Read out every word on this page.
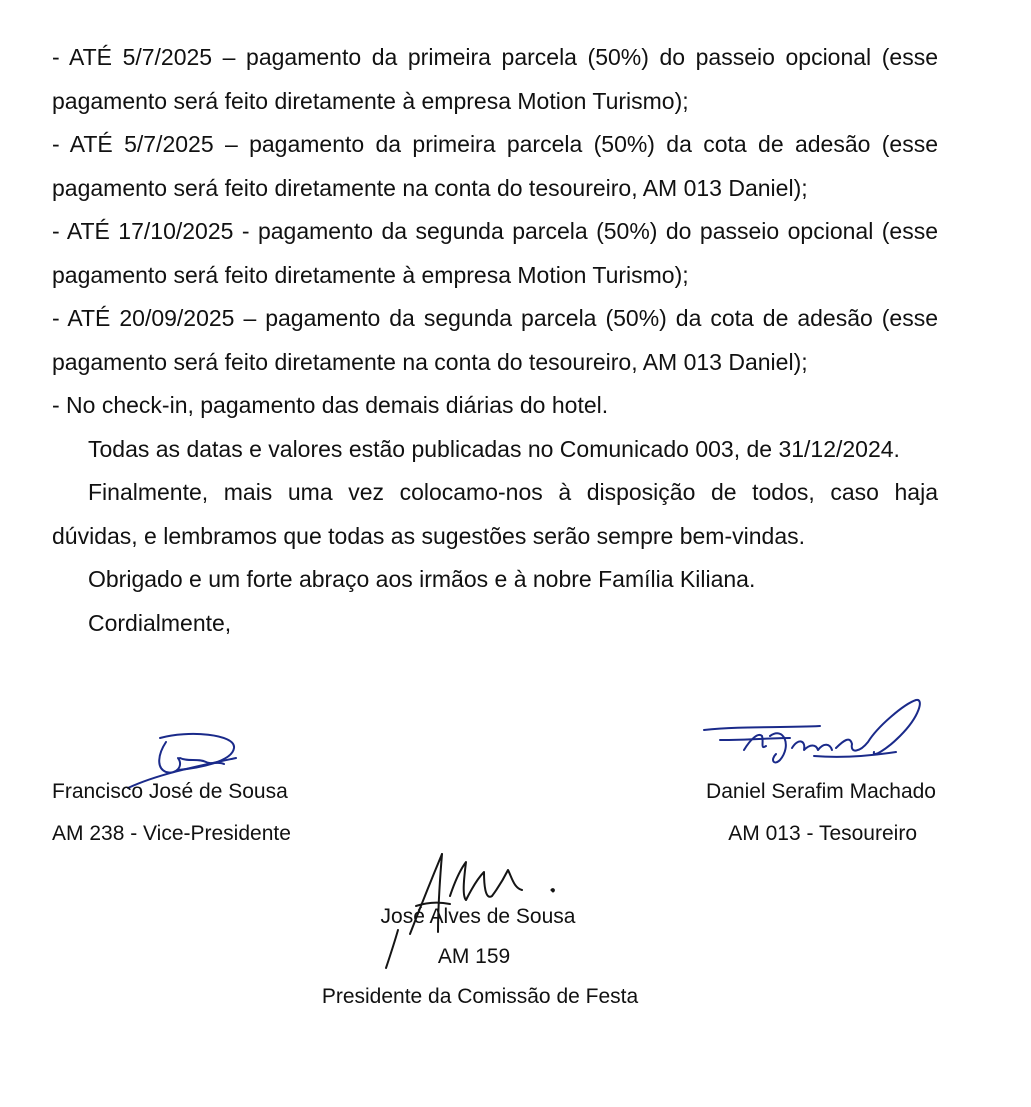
- ATÉ 5/7/2025 – pagamento da primeira parcela (50%) do passeio opcional (esse pagamento será feito diretamente à empresa Motion Turismo);

- ATÉ 5/7/2025 – pagamento da primeira parcela (50%) da cota de adesão (esse pagamento será feito diretamente na conta do tesoureiro, AM 013 Daniel);

- ATÉ 17/10/2025 - pagamento da segunda parcela (50%) do passeio opcional (esse pagamento será feito diretamente à empresa Motion Turismo);

- ATÉ 20/09/2025 – pagamento da segunda parcela (50%) da cota de adesão (esse pagamento será feito diretamente na conta do tesoureiro, AM 013 Daniel);

- No check-in, pagamento das demais diárias do hotel.

Todas as datas e valores estão publicadas no Comunicado 003, de 31/12/2024.

Finalmente, mais uma vez colocamo-nos à disposição de todos, caso haja dúvidas, e lembramos que todas as sugestões serão sempre bem-vindas.

Obrigado e um forte abraço aos irmãos e à nobre Família Kiliana.

Cordialmente,

Francisco José de Sousa
AM 238 - Vice-Presidente
Daniel Serafim Machado
AM 013 - Tesoureiro
José Alves de Sousa
AM 159
Presidente da Comissão de Festa
